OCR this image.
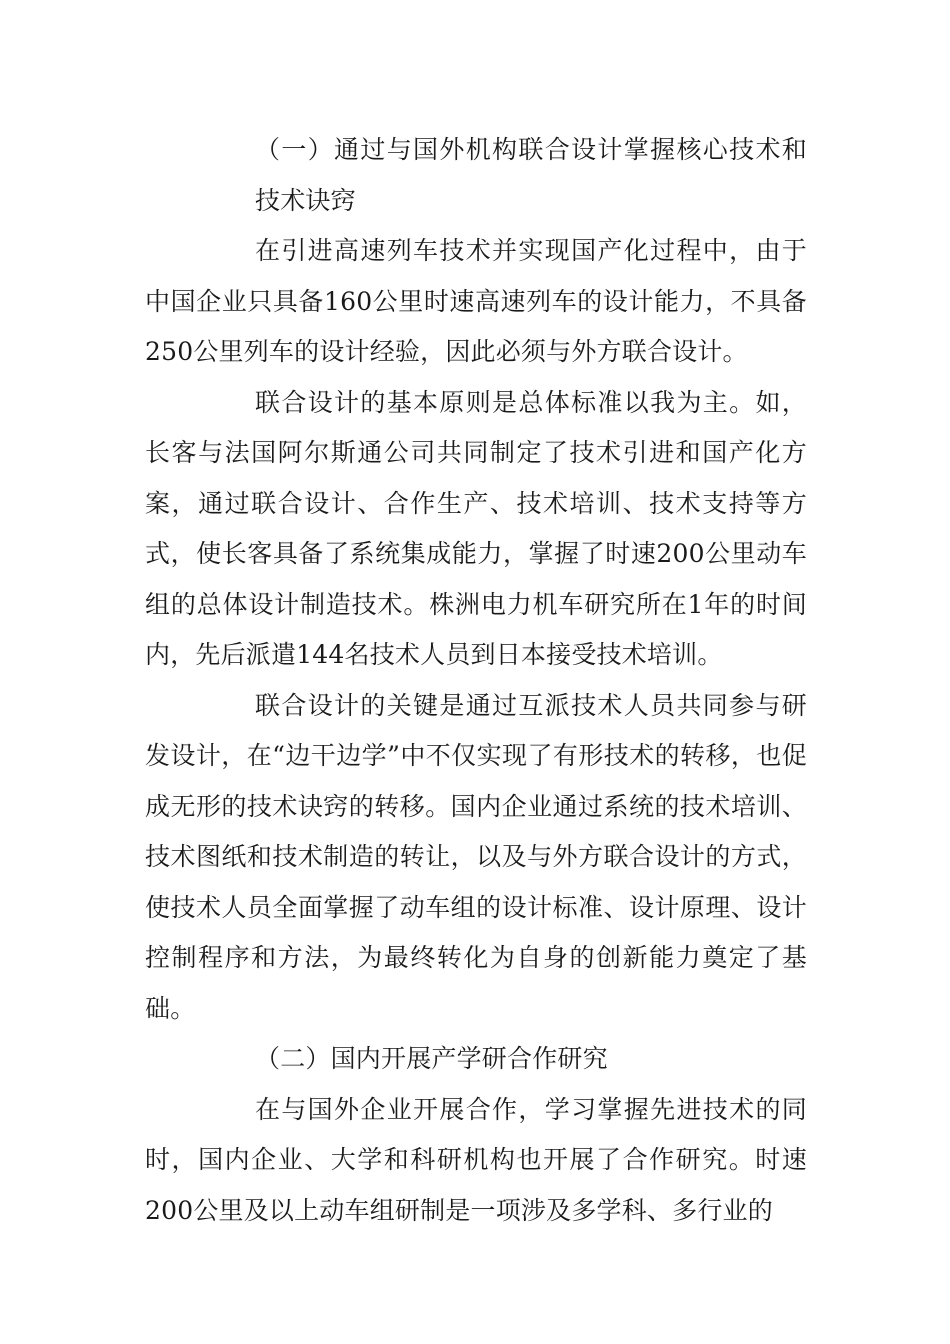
（一）通过与国外机构联合设计掌握核心技术和技术诀窍

在引进高速列车技术并实现国产化过程中，由于中国企业只具备160公里时速高速列车的设计能力，不具备250公里列车的设计经验，因此必须与外方联合设计。

联合设计的基本原则是总体标准以我为主。如，长客与法国阿尔斯通公司共同制定了技术引进和国产化方案，通过联合设计、合作生产、技术培训、技术支持等方式，使长客具备了系统集成能力，掌握了时速200公里动车组的总体设计制造技术。株洲电力机车研究所在1年的时间内，先后派遣144名技术人员到日本接受技术培训。

联合设计的关键是通过互派技术人员共同参与研发设计，在“边干边学”中不仅实现了有形技术的转移，也促成无形的技术诀窍的转移。国内企业通过系统的技术培训、技术图纸和技术制造的转让，以及与外方联合设计的方式，使技术人员全面掌握了动车组的设计标准、设计原理、设计控制程序和方法，为最终转化为自身的创新能力奠定了基础。

（二）国内开展产学研合作研究

在与国外企业开展合作，学习掌握先进技术的同时，国内企业、大学和科研机构也开展了合作研究。时速200公里及以上动车组研制是一项涉及多学科、多行业的
